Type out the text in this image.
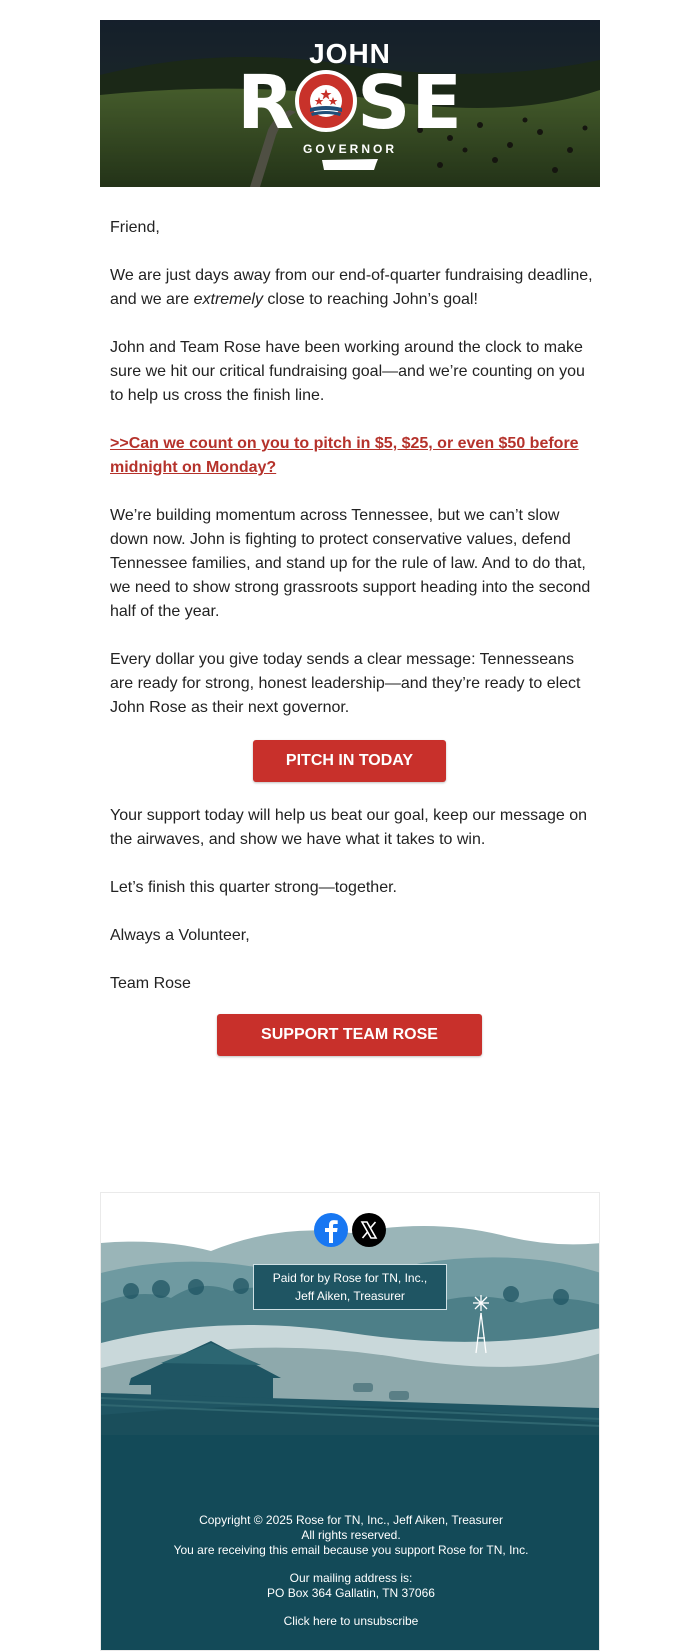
JOHN
R SE
GOVERNOR
Friend,
We are just days away from our end-of-quarter fundraising deadline, and we are extremely close to reaching John’s goal!
John and Team Rose have been working around the clock to make sure we hit our critical fundraising goal—and we’re counting on you to help us cross the finish line.
>>Can we count on you to pitch in $5, $25, or even $50 before midnight on Monday?
We’re building momentum across Tennessee, but we can’t slow down now. John is fighting to protect conservative values, defend Tennessee families, and stand up for the rule of law. And to do that, we need to show strong grassroots support heading into the second half of the year.
Every dollar you give today sends a clear message: Tennesseans are ready for strong, honest leadership—and they’re ready to elect John Rose as their next governor.
PITCH IN TODAY
Your support today will help us beat our goal, keep our message on the airwaves, and show we have what it takes to win.
Let’s finish this quarter strong—together.
Always a Volunteer,
Team Rose
SUPPORT TEAM ROSE
Paid for by Rose for TN, Inc.,
Jeff Aiken, Treasurer
Copyright © 2025 Rose for TN, Inc., Jeff Aiken, Treasurer
All rights reserved.
You are receiving this email because you support Rose for TN, Inc.
Our mailing address is:
PO Box 364 Gallatin, TN 37066
Click here to unsubscribe
